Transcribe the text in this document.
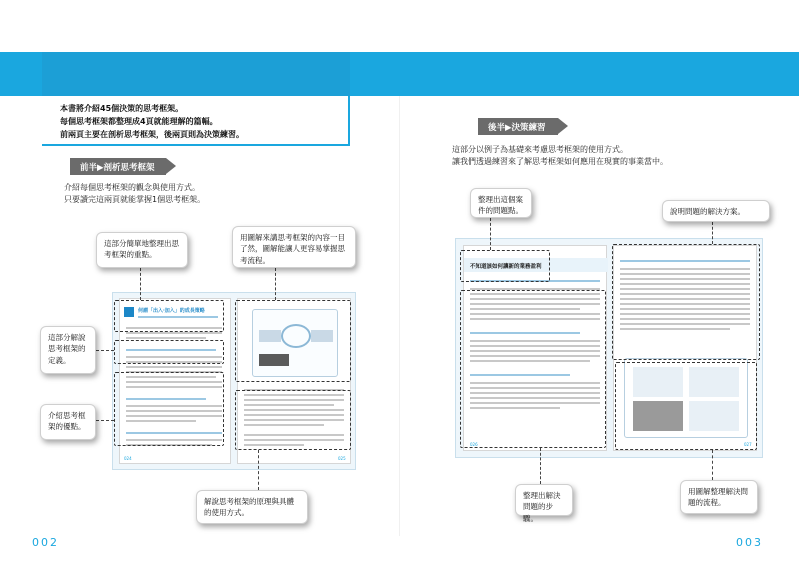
本書的使用方式
本書將介紹45個決策的思考框架。
每個思考框架都整理成4頁就能理解的篇幅。
前兩頁主要在剖析思考框架，後兩頁則為決策練習。
前半▶剖析思考框架
介紹每個思考框架的觀念與使用方式。
只要讀完這兩頁就能掌握1個思考框架。
何謂「出入‧加入」的成長策略
024	025
這部分簡單地整理出思考框架的重點。
用圖解來講思考框架的內容一目了然，圖解能讓人更容易掌握思考流程。
這部分解說思考框架的定義。
介紹思考框架的優點。
解說思考框架的原理與具體的使用方式。
002
後半▶決策練習
這部分以例子為基礎來考慮思考框架的使用方式。
讓我們透過練習來了解思考框架如何應用在現實的事業當中。
不知道該如何讓新的業務盈利
026	027
整理出這個案件的問題點。	說明問題的解決方案。
整理出解決問題的步驟。
用圖解整理解決問題的流程。
003
